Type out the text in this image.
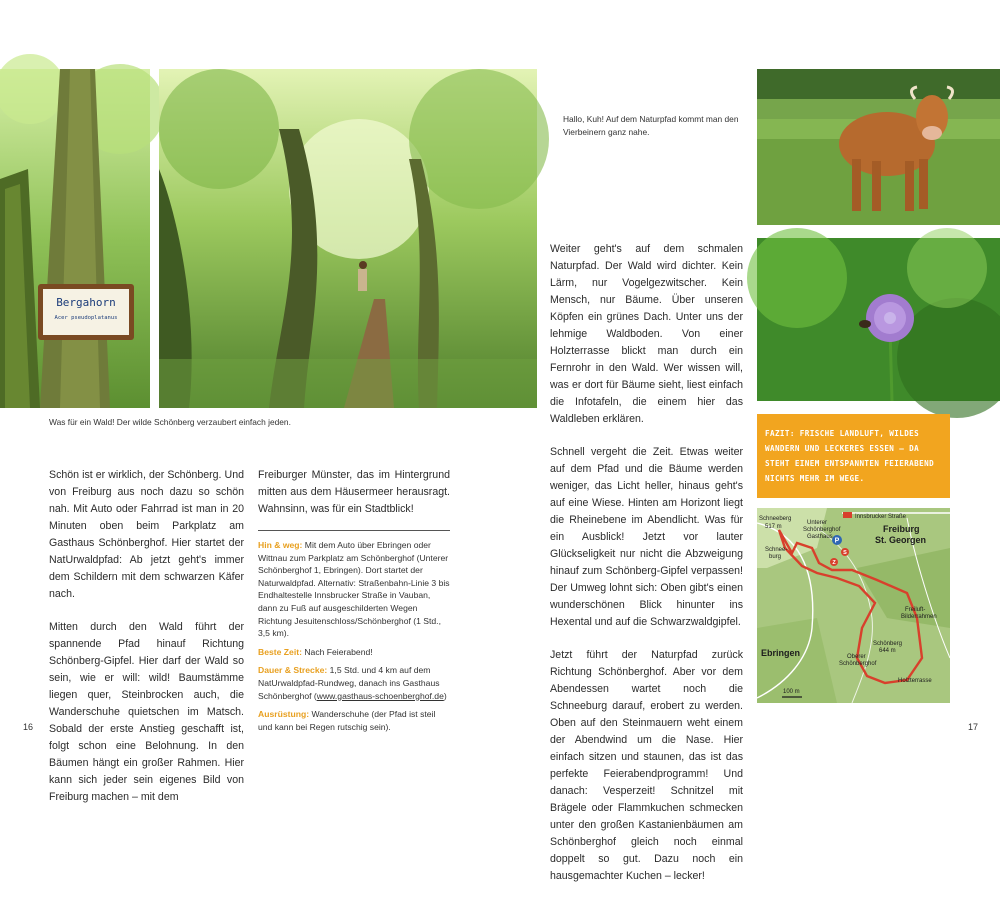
Bergahorn
Acer pseudoplatanus
Was für ein Wald! Der wilde Schönberg verzaubert einfach jeden.

Schön ist er wirklich, der Schönberg. Und von Freiburg aus noch dazu so schön nah. Mit Auto oder Fahrrad ist man in 20 Minuten oben beim Parkplatz am Gasthaus Schönberghof. Hier startet der NatUrwaldpfad: Ab jetzt geht's immer dem Schildern mit dem schwarzen Käfer nach.

Mitten durch den Wald führt der spannende Pfad hinauf Richtung Schönberg-Gipfel. Hier darf der Wald so sein, wie er will: wild! Baumstämme liegen quer, Steinbrocken auch, die Wanderschuhe quietschen im Matsch. Sobald der erste Anstieg geschafft ist, folgt schon eine Belohnung. In den Bäumen hängt ein großer Rahmen. Hier kann sich jeder sein eigenes Bild von Freiburg machen – mit dem

Freiburger Münster, das im Hintergrund mitten aus dem Häusermeer herausragt. Wahnsinn, was für ein Stadtblick!

Hin & weg: Mit dem Auto über Ebringen oder Wittnau zum Parkplatz am Schönberghof (Unterer Schönberghof 1, Ebringen). Dort startet der Naturwaldpfad. Alternativ: Straßenbahn-Linie 3 bis Endhaltestelle Innsbrucker Straße in Vauban, dann zu Fuß auf ausgeschilderten Wegen Richtung Jesuitenschloss/Schönberghof (1 Std., 3,5 km).
Beste Zeit: Nach Feierabend!
Dauer & Strecke: 1,5 Std. und 4 km auf dem NatUrwaldpfad-Rundweg, danach ins Gasthaus Schönberghof (www.gasthaus-schoenberghof.de)
Ausrüstung: Wanderschuhe (der Pfad ist steil und kann bei Regen rutschig sein).
16
Hallo, Kuh! Auf dem Naturpfad kommt man den Vierbeinern ganz nahe.

Weiter geht's auf dem schmalen Naturpfad. Der Wald wird dichter. Kein Lärm, nur Vogelgezwitscher. Kein Mensch, nur Bäume. Über unseren Köpfen ein grünes Dach. Unter uns der lehmige Waldboden. Von einer Holzterrasse blickt man durch ein Fernrohr in den Wald. Wer wissen will, was er dort für Bäume sieht, liest einfach die Infotafeln, die einem hier das Waldleben erklären.

Schnell vergeht die Zeit. Etwas weiter auf dem Pfad und die Bäume werden weniger, das Licht heller, hinaus geht's auf eine Wiese. Hinten am Horizont liegt die Rheinebene im Abendlicht. Was für ein Ausblick! Jetzt vor lauter Glückseligkeit nur nicht die Abzweigung hinauf zum Schönberg-Gipfel verpassen! Der Umweg lohnt sich: Oben gibt's einen wunderschönen Blick hinunter ins Hexental und auf die Schwarzwaldgipfel.

Jetzt führt der Naturpfad zurück Richtung Schönberghof. Aber vor dem Abendessen wartet noch die Schneeburg darauf, erobert zu werden. Oben auf den Steinmauern weht einem der Abendwind um die Nase. Hier einfach sitzen und staunen, das ist das perfekte Feierabendprogramm! Und danach: Vesperzeit! Schnitzel mit Brägele oder Flammkuchen schmecken unter den großen Kastanienbäumen am Schönberghof gleich noch einmal doppelt so gut. Dazu noch ein hausgemachter Kuchen – lecker!

FAZIT: FRISCHE LANDLUFT, WILDES WANDERN UND LECKERES ESSEN – DA STEHT EINEM ENTSPANNTEN FEIERABEND NICHTS MEHR IM WEGE.
P
S
Z
Schneeberg
517 m
Innsbrucker Straße
Freiburg
St. Georgen
Unterer
Schönberghof
Gasthaus
Schnee-
burg
Freiluft-
Bilderrahmen
Ebringen
Schönberg
644 m
Oberer
Schönberghof
Holzterrasse
100 m
17
